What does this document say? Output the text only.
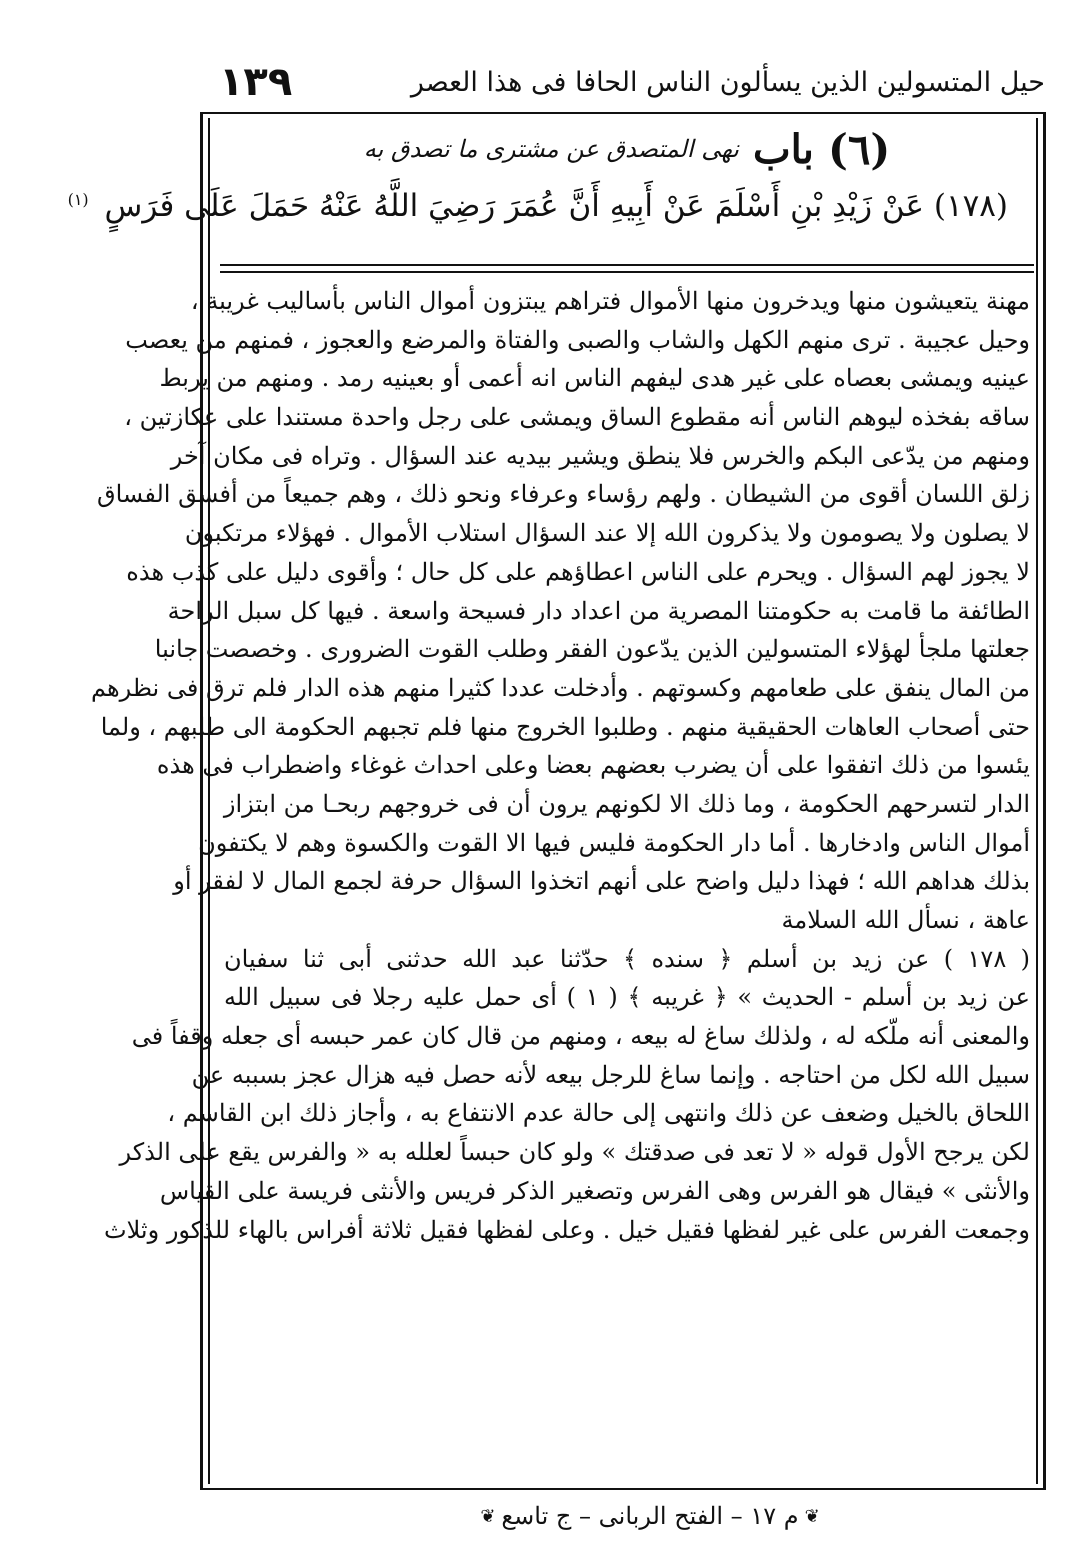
حيل المتسولين الذين يسألون الناس الحافا فى هذا العصر
١٣٩
(٦)
باب
نهى المتصدق عن مشترى ما تصدق به
(١٧٨) عَنْ زَيْدِ بْنِ أَسْلَمَ عَنْ أَبِيهِ أَنَّ عُمَرَ رَضِيَ اللَّهُ عَنْهُ حَمَلَ عَلَى فَرَسٍ $^{(١)}$
مهنة يتعيشون منها ويدخرون منها الأموال فتراهم يبتزون أموال الناس بأساليب غريبة ،
وحيل عجيبة . ترى منهم الكهل والشاب والصبى والفتاة والمرضع والعجوز ، فمنهم من يعصب
عينيه ويمشى بعصاه على غير هدى ليفهم الناس انه أعمى أو بعينيه رمد . ومنهم من يربط
ساقه بفخذه ليوهم الناس أنه مقطوع الساق ويمشى على رجل واحدة مستندا على عكازتين ،
ومنهم من يدّعى البكم والخرس فلا ينطق ويشير بيديه عند السؤال . وتراه فى مكان آخر
زلق اللسان أقوى من الشيطان . ولهم رؤساء وعرفاء ونحو ذلك ، وهم جميعاً من أفسق الفساق
لا يصلون ولا يصومون ولا يذكرون الله إلا عند السؤال استلاب الأموال . فهؤلاء مرتكبون
لا يجوز لهم السؤال . ويحرم على الناس اعطاؤهم على كل حال ؛ وأقوى دليل على كذب هذه
الطائفة ما قامت به حكومتنا المصرية من اعداد دار فسيحة واسعة . فيها كل سبل الراحة
جعلتها ملجأ لهؤلاء المتسولين الذين يدّعون الفقر وطلب القوت الضرورى . وخصصت جانبا
من المال ينفق على طعامهم وكسوتهم . وأدخلت عددا كثيرا منهم هذه الدار فلم ترق فى نظرهم
حتى أصحاب العاهات الحقيقية منهم . وطلبوا الخروج منها فلم تجبهم الحكومة الى طلبهم ، ولما
يئسوا من ذلك اتفقوا على أن يضرب بعضهم بعضا وعلى احداث غوغاء واضطراب فى هذه
الدار لتسرحهم الحكومة ، وما ذلك الا لكونهم يرون أن فى خروجهم ربحـا من ابتزاز
أموال الناس وادخارها . أما دار الحكومة فليس فيها الا القوت والكسوة وهم لا يكتفون
بذلك هداهم الله ؛ فهذا دليل واضح على أنهم اتخذوا السؤال حرفة لجمع المال لا لفقر أو
عاهة ، نسأل الله السلامة
( ١٧٨ ) عن زيد بن أسلم ﴿ سنده ﴾ حدّثنا عبد الله حدثنى أبى ثنا سفيان
عن زيد بن أسلم - الحديث » ﴿ غريبه ﴾ ( ١ ) أى حمل عليه رجلا فى سبيل الله
والمعنى أنه ملّكه له ، ولذلك ساغ له بيعه ، ومنهم من قال كان عمر حبسه أى جعله وقفاً فى
سبيل الله لكل من احتاجه . وإنما ساغ للرجل بيعه لأنه حصل فيه هزال عجز بسببه عن
اللحاق بالخيل وضعف عن ذلك وانتهى إلى حالة عدم الانتفاع به ، وأجاز ذلك ابن القاسم ،
لكن يرجح الأول قوله « لا تعد فى صدقتك » ولو كان حبساً لعلله به « والفرس يقع على الذكر
والأنثى » فيقال هو الفرس وهى الفرس وتصغير الذكر فريس والأنثى فريسة على القياس
وجمعت الفرس على غير لفظها فقيل خيل . وعلى لفظها فقيل ثلاثة أفراس بالهاء للذكور وثلاث
❦
م ١٧ – الفتح الربانى – ج تاسع
❦
